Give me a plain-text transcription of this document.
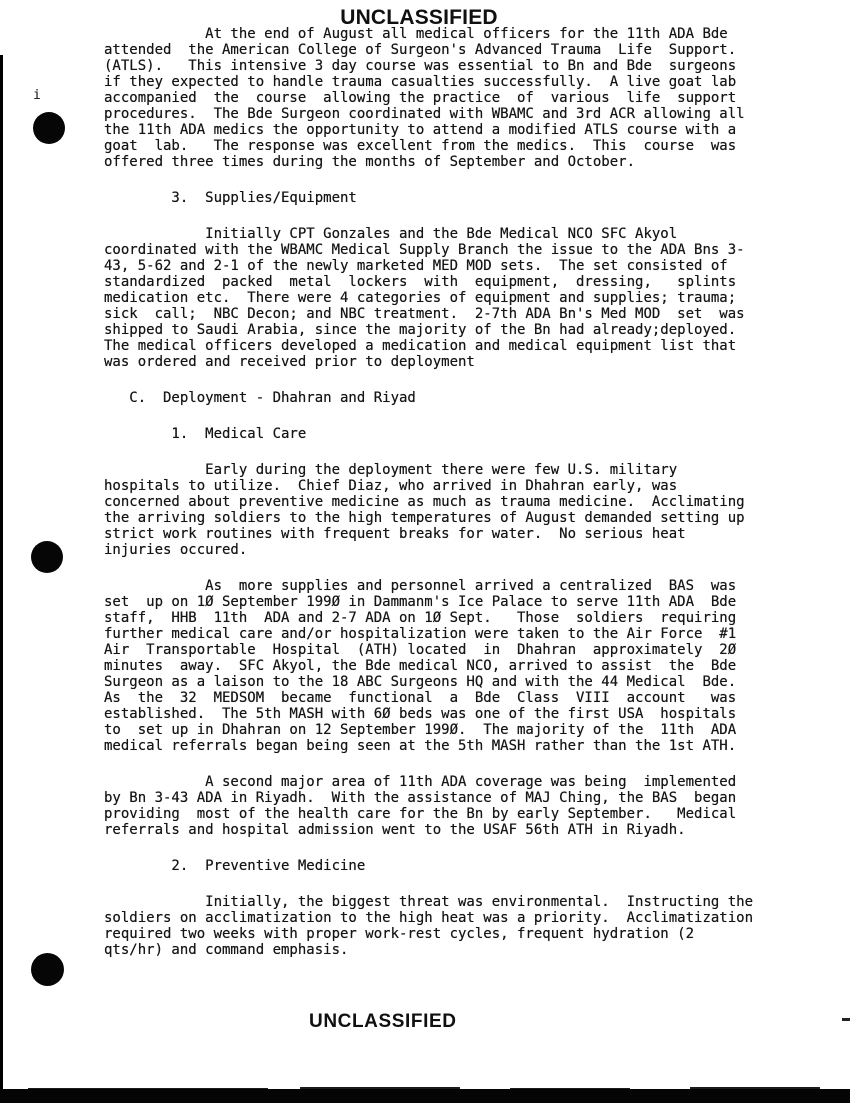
i
UNCLASSIFIED
At the end of August all medical officers for the 11th ADA Bde
attended  the American College of Surgeon's Advanced Trauma  Life  Support.
(ATLS).   This intensive 3 day course was essential to Bn and Bde  surgeons
if they expected to handle trauma casualties successfully.  A live goat lab
accompanied  the  course  allowing the practice  of  various  life  support
procedures.  The Bde Surgeon coordinated with WBAMC and 3rd ACR allowing all
the 11th ADA medics the opportunity to attend a modified ATLS course with a
goat  lab.   The response was excellent from the medics.  This  course  was
offered three times during the months of September and October.
3.  Supplies/Equipment
Initially CPT Gonzales and the Bde Medical NCO SFC Akyol
coordinated with the WBAMC Medical Supply Branch the issue to the ADA Bns 3-
43, 5-62 and 2-1 of the newly marketed MED MOD sets.  The set consisted of
standardized  packed  metal  lockers  with  equipment,  dressing,   splints
medication etc.  There were 4 categories of equipment and supplies; trauma;
sick  call;  NBC Decon; and NBC treatment.  2-7th ADA Bn's Med MOD  set  was
shipped to Saudi Arabia, since the majority of the Bn had already;deployed.
The medical officers developed a medication and medical equipment list that
was ordered and received prior to deployment
C.  Deployment - Dhahran and Riyad
1.  Medical Care
Early during the deployment there were few U.S. military
hospitals to utilize.  Chief Diaz, who arrived in Dhahran early, was
concerned about preventive medicine as much as trauma medicine.  Acclimating
the arriving soldiers to the high temperatures of August demanded setting up
strict work routines with frequent breaks for water.  No serious heat
injuries occured.
As  more supplies and personnel arrived a centralized  BAS  was
set  up on 1Ø September 199Ø in Dammanm's Ice Palace to serve 11th ADA  Bde
staff,  HHB  11th  ADA and 2-7 ADA on 1Ø Sept.   Those  soldiers  requiring
further medical care and/or hospitalization were taken to the Air Force  #1
Air  Transportable  Hospital  (ATH) located  in  Dhahran  approximately  2Ø
minutes  away.  SFC Akyol, the Bde medical NCO, arrived to assist  the  Bde
Surgeon as a laison to the 18 ABC Surgeons HQ and with the 44 Medical  Bde.
As  the  32  MEDSOM  became  functional  a  Bde  Class  VIII  account   was
established.  The 5th MASH with 6Ø beds was one of the first USA  hospitals
to  set up in Dhahran on 12 September 199Ø.  The majority of the  11th  ADA
medical referrals began being seen at the 5th MASH rather than the 1st ATH.
A second major area of 11th ADA coverage was being  implemented
by Bn 3-43 ADA in Riyadh.  With the assistance of MAJ Ching, the BAS  began
providing  most of the health care for the Bn by early September.   Medical
referrals and hospital admission went to the USAF 56th ATH in Riyadh.
2.  Preventive Medicine
Initially, the biggest threat was environmental.  Instructing the
soldiers on acclimatization to the high heat was a priority.  Acclimatization
required two weeks with proper work-rest cycles, frequent hydration (2
qts/hr) and command emphasis.
UNCLASSIFIED
